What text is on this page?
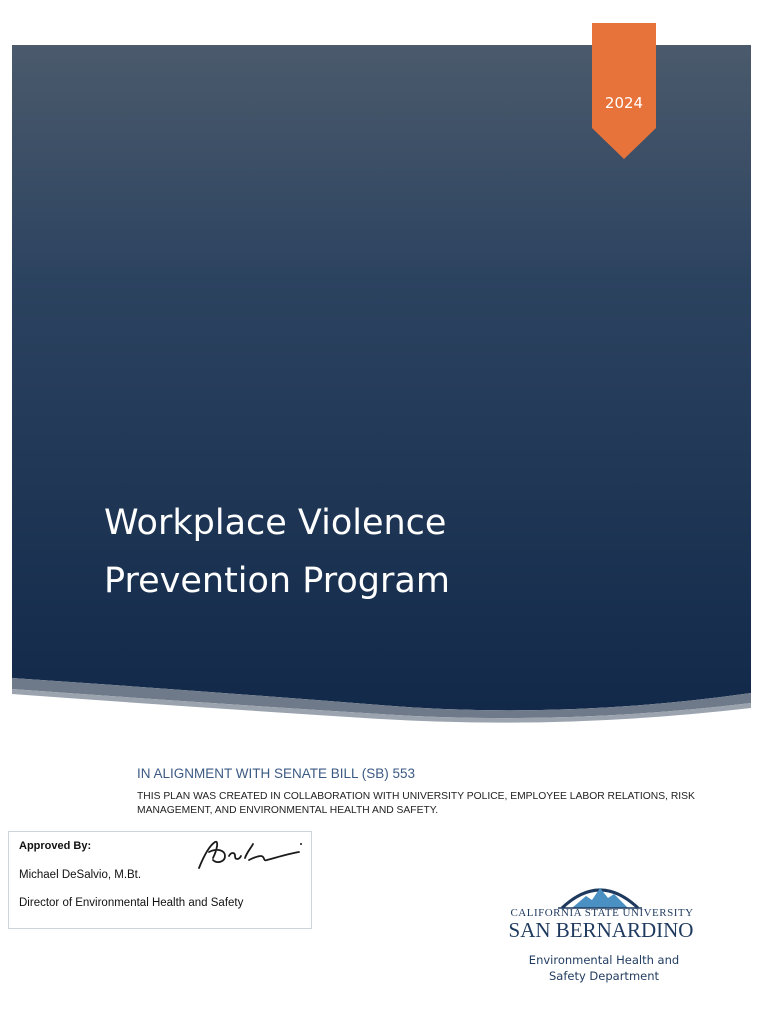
2024
Workplace Violence
Prevention Program
IN ALIGNMENT WITH SENATE BILL (SB) 553
THIS PLAN WAS CREATED IN COLLABORATION WITH UNIVERSITY POLICE, EMPLOYEE LABOR RELATIONS, RISK MANAGEMENT, AND ENVIRONMENTAL HEALTH AND SAFETY.
Approved By:
Michael DeSalvio, M.Bt.
Director of Environmental Health and Safety
CALIFORNIA STATE UNIVERSITY
SAN BERNARDINO
Environmental Health and
Safety Department
